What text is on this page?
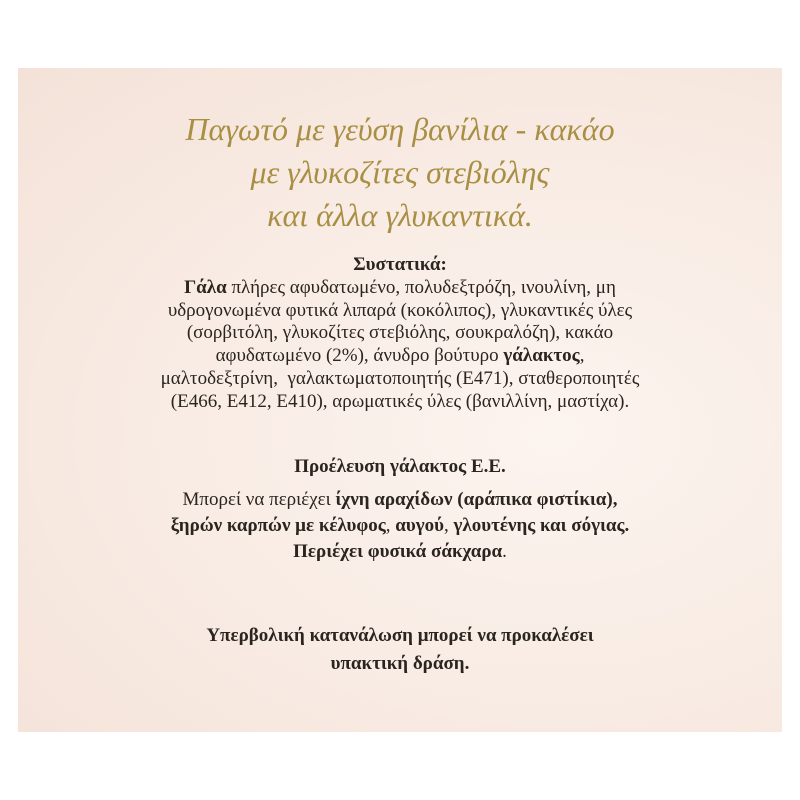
Παγωτό με γεύση βανίλια - κακάο
με γλυκοζίτες στεβιόλης
και άλλα γλυκαντικά.
Συστατικά:
Γάλα πλήρες αφυδατωμένο, πολυδεξτρόζη, ινουλίνη, μη
υδρογονωμένα φυτικά λιπαρά (κοκόλιπος), γλυκαντικές ύλες
(σορβιτόλη, γλυκοζίτες στεβιόλης, σουκραλόζη), κακάο
αφυδατωμένο (2%), άνυδρο βούτυρο γάλακτος,
μαλτοδεξτρίνη,  γαλακτωματοποιητής (Ε471), σταθεροποιητές
(Ε466, Ε412, Ε410), αρωματικές ύλες (βανιλλίνη, μαστίχα).
Προέλευση γάλακτος Ε.Ε.
Μπορεί να περιέχει ίχνη αραχίδων (αράπικα φιστίκια),
ξηρών καρπών με κέλυφος, αυγού, γλουτένης και σόγιας.
Περιέχει φυσικά σάκχαρα.
Υπερβολική κατανάλωση μπορεί να προκαλέσει
υπακτική δράση.
